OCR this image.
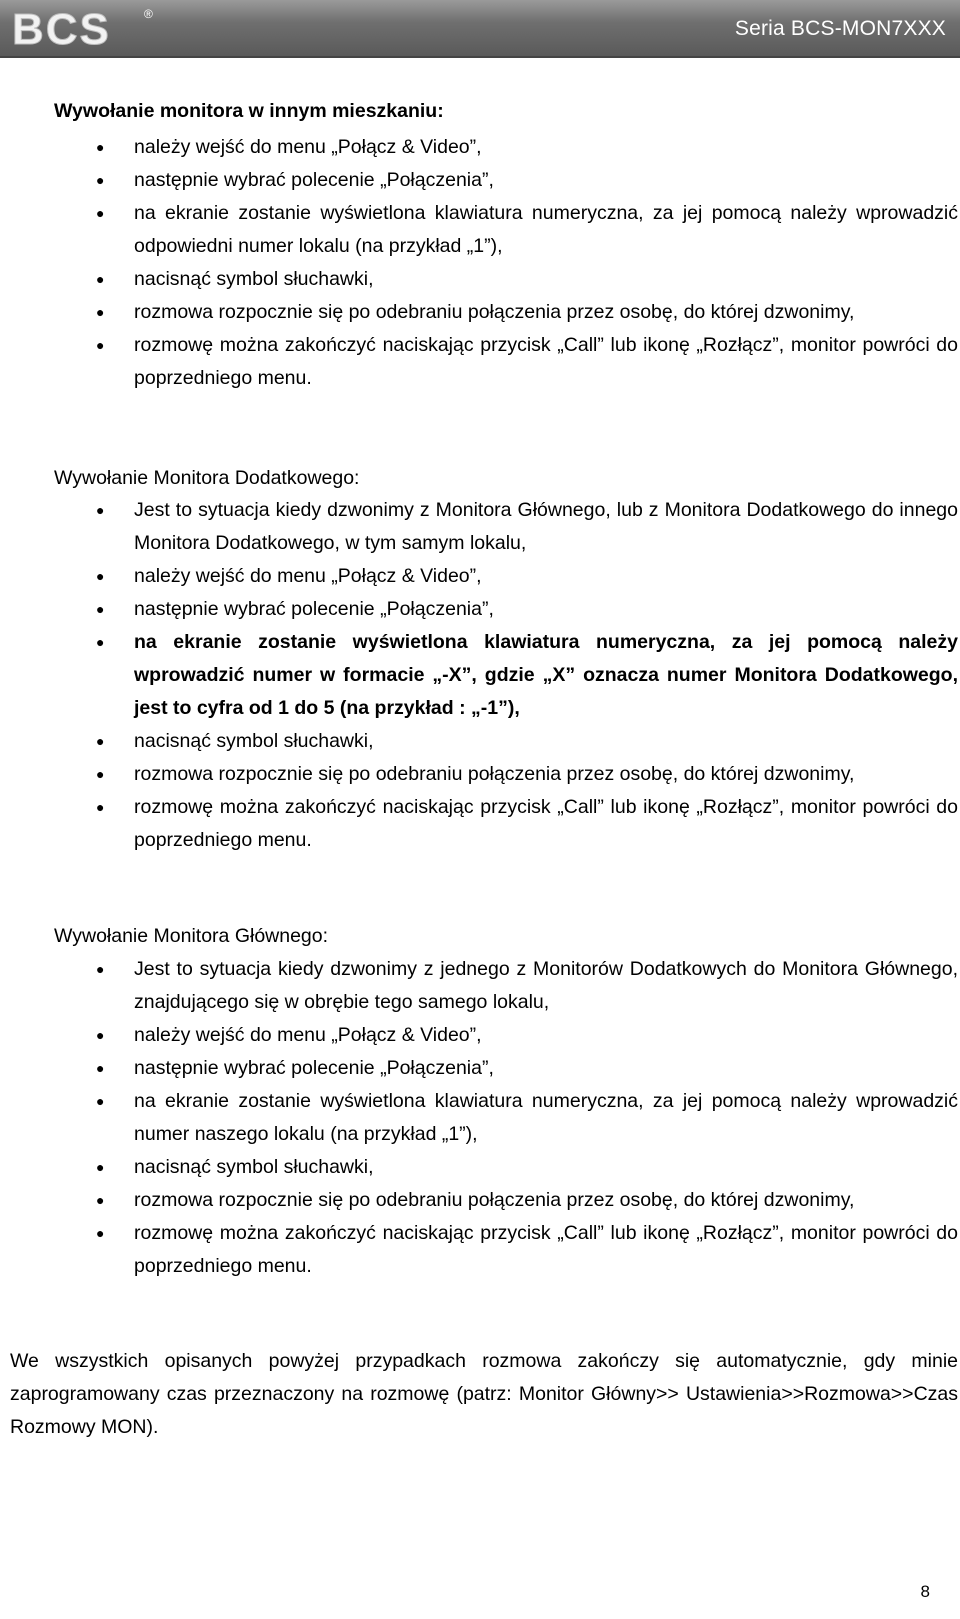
BCS	®
Seria BCS-MON7XXX
Wywołanie monitora w innym mieszkaniu:
● należy wejść do menu „Połącz & Video”,
● następnie wybrać polecenie „Połączenia”,
● na ekranie zostanie wyświetlona klawiatura numeryczna, za jej pomocą należy wprowadzić odpowiedni numer lokalu (na przykład „1”),
● nacisnąć symbol słuchawki,
● rozmowa rozpocznie się po odebraniu połączenia przez osobę, do której dzwonimy,
● rozmowę można zakończyć naciskając przycisk „Call” lub ikonę „Rozłącz”, monitor powróci do poprzedniego menu.
Wywołanie Monitora Dodatkowego:
● Jest to sytuacja kiedy dzwonimy z Monitora Głównego, lub z Monitora Dodatkowego do innego Monitora Dodatkowego, w tym samym lokalu,
● należy wejść do menu „Połącz & Video”,
● następnie wybrać polecenie „Połączenia”,
● na ekranie zostanie wyświetlona klawiatura numeryczna, za jej pomocą należy wprowadzić numer w formacie „-X”, gdzie „X” oznacza numer Monitora Dodatkowego, jest to cyfra od 1 do 5 (na przykład : „-1”),
● nacisnąć symbol słuchawki,
● rozmowa rozpocznie się po odebraniu połączenia przez osobę, do której dzwonimy,
● rozmowę można zakończyć naciskając przycisk „Call” lub ikonę „Rozłącz”, monitor powróci do poprzedniego menu.
Wywołanie Monitora Głównego:
● Jest to sytuacja kiedy dzwonimy z jednego z Monitorów Dodatkowych do Monitora Głównego, znajdującego się w obrębie tego samego lokalu,
● należy wejść do menu „Połącz & Video”,
● następnie wybrać polecenie „Połączenia”,
● na ekranie zostanie wyświetlona klawiatura numeryczna, za jej pomocą należy wprowadzić numer naszego lokalu (na przykład „1”),
● nacisnąć symbol słuchawki,
● rozmowa rozpocznie się po odebraniu połączenia przez osobę, do której dzwonimy,
● rozmowę można zakończyć naciskając przycisk „Call” lub ikonę „Rozłącz”, monitor powróci do poprzedniego menu.

We wszystkich opisanych powyżej przypadkach rozmowa zakończy się automatycznie, gdy minie zaprogramowany czas przeznaczony na rozmowę (patrz: Monitor Główny>> Ustawienia>>Rozmowa>>Czas Rozmowy MON).

8
